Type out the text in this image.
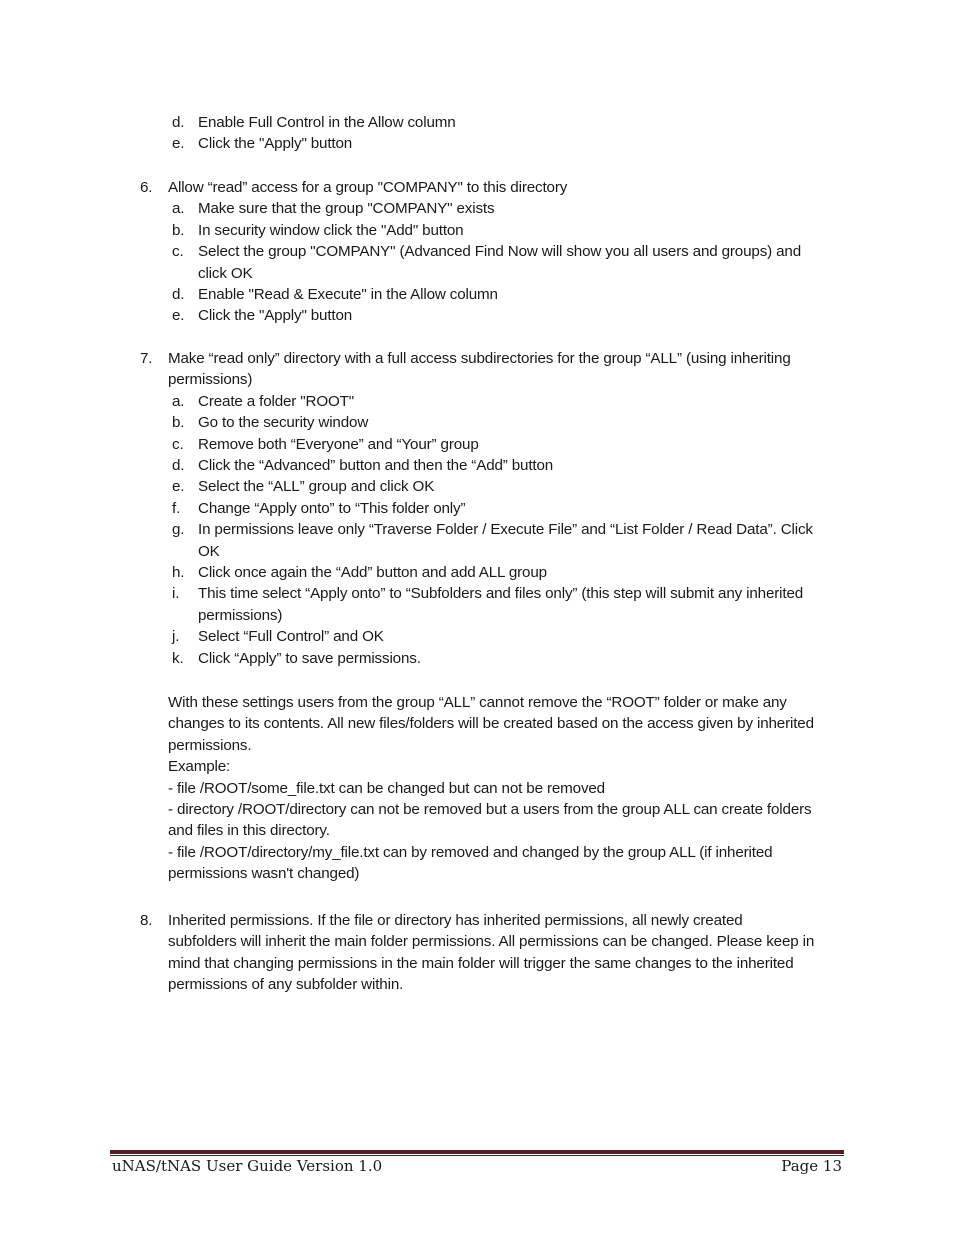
d. Enable Full Control in the Allow column
e. Click the "Apply" button
6. Allow “read” access for a group "COMPANY" to this directory
a. Make sure that the group "COMPANY" exists
b. In security window click the "Add" button
c. Select the group "COMPANY" (Advanced Find Now will show you all users and groups) and
click OK
d. Enable "Read & Execute" in the Allow column
e. Click the "Apply" button
7. Make “read only” directory with a full access subdirectories for the group “ALL” (using inheriting
permissions)
a. Create a folder "ROOT"
b. Go to the security window
c. Remove both “Everyone” and “Your” group
d. Click the “Advanced” button and then the “Add” button
e. Select the “ALL” group and click OK
f. Change “Apply onto” to “This folder only”
g. In permissions leave only “Traverse Folder / Execute File” and “List Folder / Read Data”. Click
OK
h. Click once again the “Add” button and add ALL group
i. This time select “Apply onto” to “Subfolders and files only” (this step will submit any inherited
permissions)
j. Select “Full Control” and OK
k. Click “Apply” to save permissions.
With these settings users from the group “ALL” cannot remove the “ROOT” folder or make any
changes to its contents. All new files/folders will be created based on the access given by inherited
permissions.
Example:
- file /ROOT/some_file.txt can be changed but can not be removed
- directory /ROOT/directory can not be removed but a users from the group ALL can create folders
and files in this directory.
- file /ROOT/directory/my_file.txt can by removed and changed by the group ALL (if inherited
permissions wasn't changed)
8. Inherited permissions. If the file or directory has inherited permissions, all newly created
subfolders will inherit the main folder permissions. All permissions can be changed. Please keep in
mind that changing permissions in the main folder will trigger the same changes to the inherited
permissions of any subfolder within.
uNAS/tNAS User Guide Version 1.0	Page 13
